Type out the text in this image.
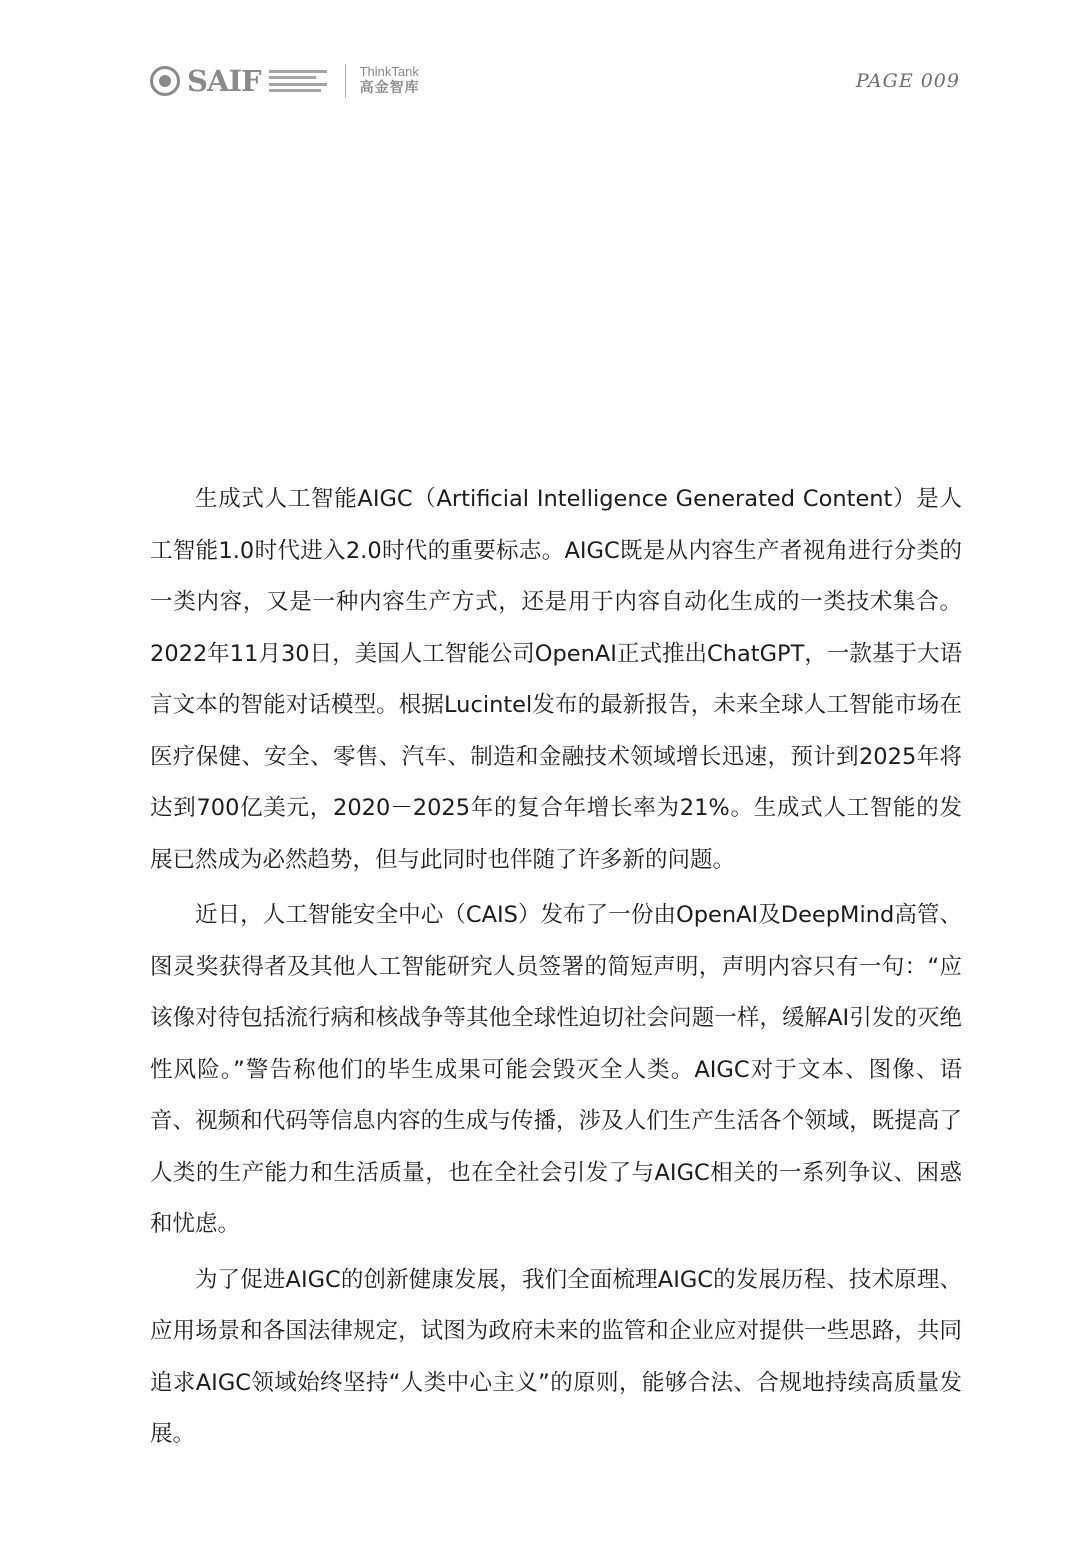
SAIF	ThinkTank
高金智库	PAGE 009

生成式人工智能AIGC（Artificial Intelligence Generated Content）是人工智能1.0时代进入2.0时代的重要标志。AIGC既是从内容生产者视角进行分类的一类内容，又是一种内容生产方式，还是用于内容自动化生成的一类技术集合。2022年11月30日，美国人工智能公司OpenAI正式推出ChatGPT，一款基于大语言文本的智能对话模型。根据Lucintel发布的最新报告，未来全球人工智能市场在医疗保健、安全、零售、汽车、制造和金融技术领域增长迅速，预计到2025年将达到700亿美元，2020－2025年的复合年增长率为21%。生成式人工智能的发展已然成为必然趋势，但与此同时也伴随了许多新的问题。

近日，人工智能安全中心（CAIS）发布了一份由OpenAI及DeepMind高管、图灵奖获得者及其他人工智能研究人员签署的简短声明，声明内容只有一句：“应该像对待包括流行病和核战争等其他全球性迫切社会问题一样，缓解AI引发的灭绝性风险。”警告称他们的毕生成果可能会毁灭全人类。AIGC对于文本、图像、语音、视频和代码等信息内容的生成与传播，涉及人们生产生活各个领域，既提高了人类的生产能力和生活质量，也在全社会引发了与AIGC相关的一系列争议、困惑和忧虑。

为了促进AIGC的创新健康发展，我们全面梳理AIGC的发展历程、技术原理、应用场景和各国法律规定，试图为政府未来的监管和企业应对提供一些思路，共同追求AIGC领域始终坚持“人类中心主义”的原则，能够合法、合规地持续高质量发展。
